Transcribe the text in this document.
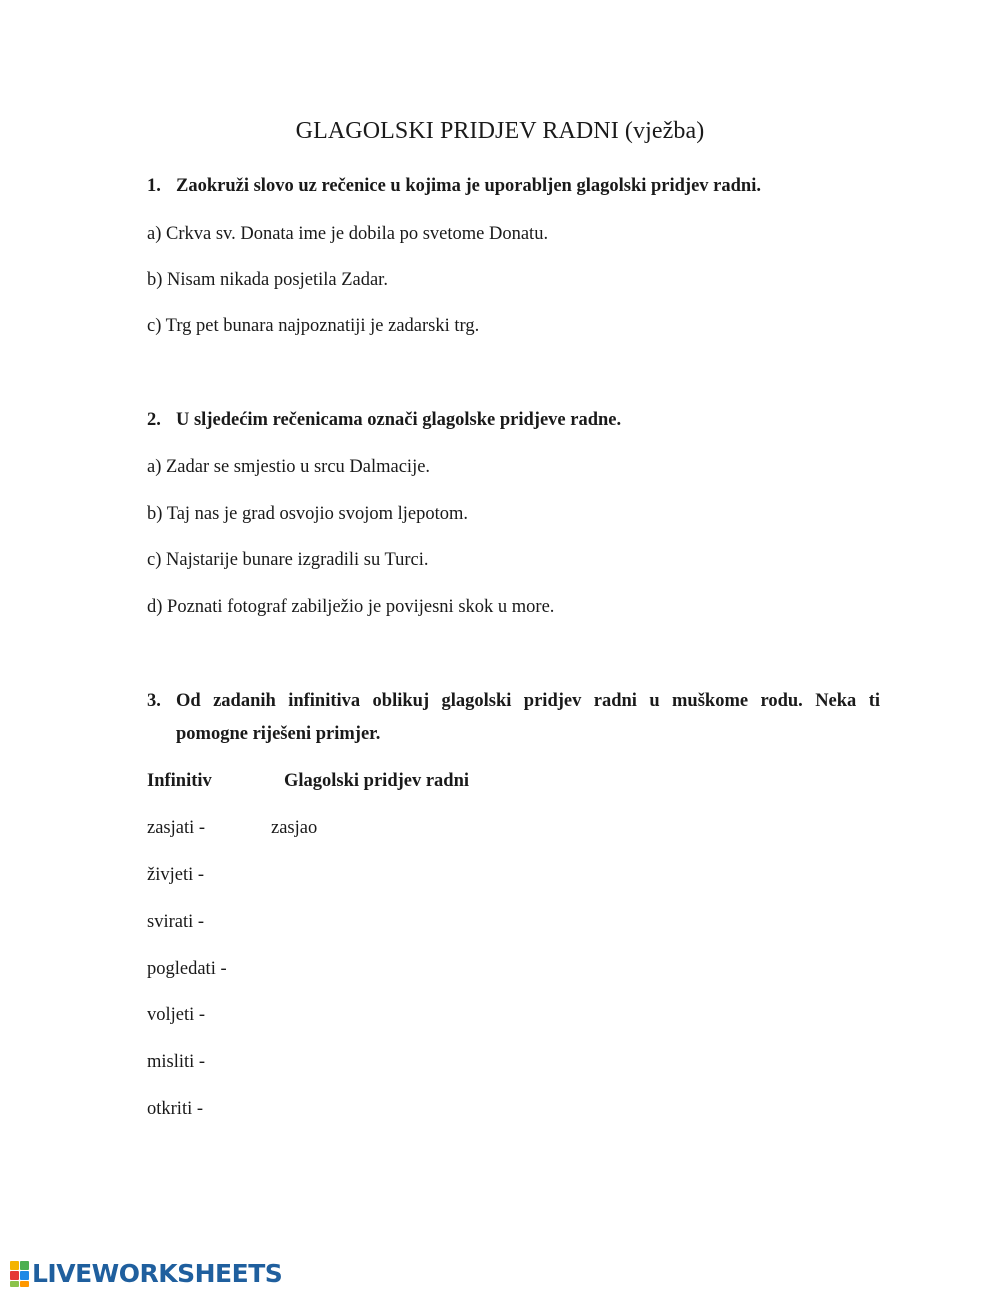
GLAGOLSKI PRIDJEV RADNI (vježba)
1. Zaokruži slovo uz rečenice u kojima je uporabljen glagolski pridjev radni.
a) Crkva sv. Donata ime je dobila po svetome Donatu.
b) Nisam nikada posjetila Zadar.
c) Trg pet bunara najpoznatiji je zadarski trg.
2. U sljedećim rečenicama označi glagolske pridjeve radne.
a) Zadar se smjestio u srcu Dalmacije.
b) Taj nas je grad osvojio svojom ljepotom.
c) Najstarije bunare izgradili su Turci.
d) Poznati fotograf zabilježio je povijesni skok u more.
3. Od zadanih infinitiva oblikuj glagolski pridjev radni u muškome rodu. Neka ti
pomogne riješeni primjer.
Infinitiv	Glagolski pridjev radni
zasjati -	zasjao
živjeti -
svirati -
pogledati -
voljeti -
misliti -
otkriti -
LIVEWORKSHEETS
